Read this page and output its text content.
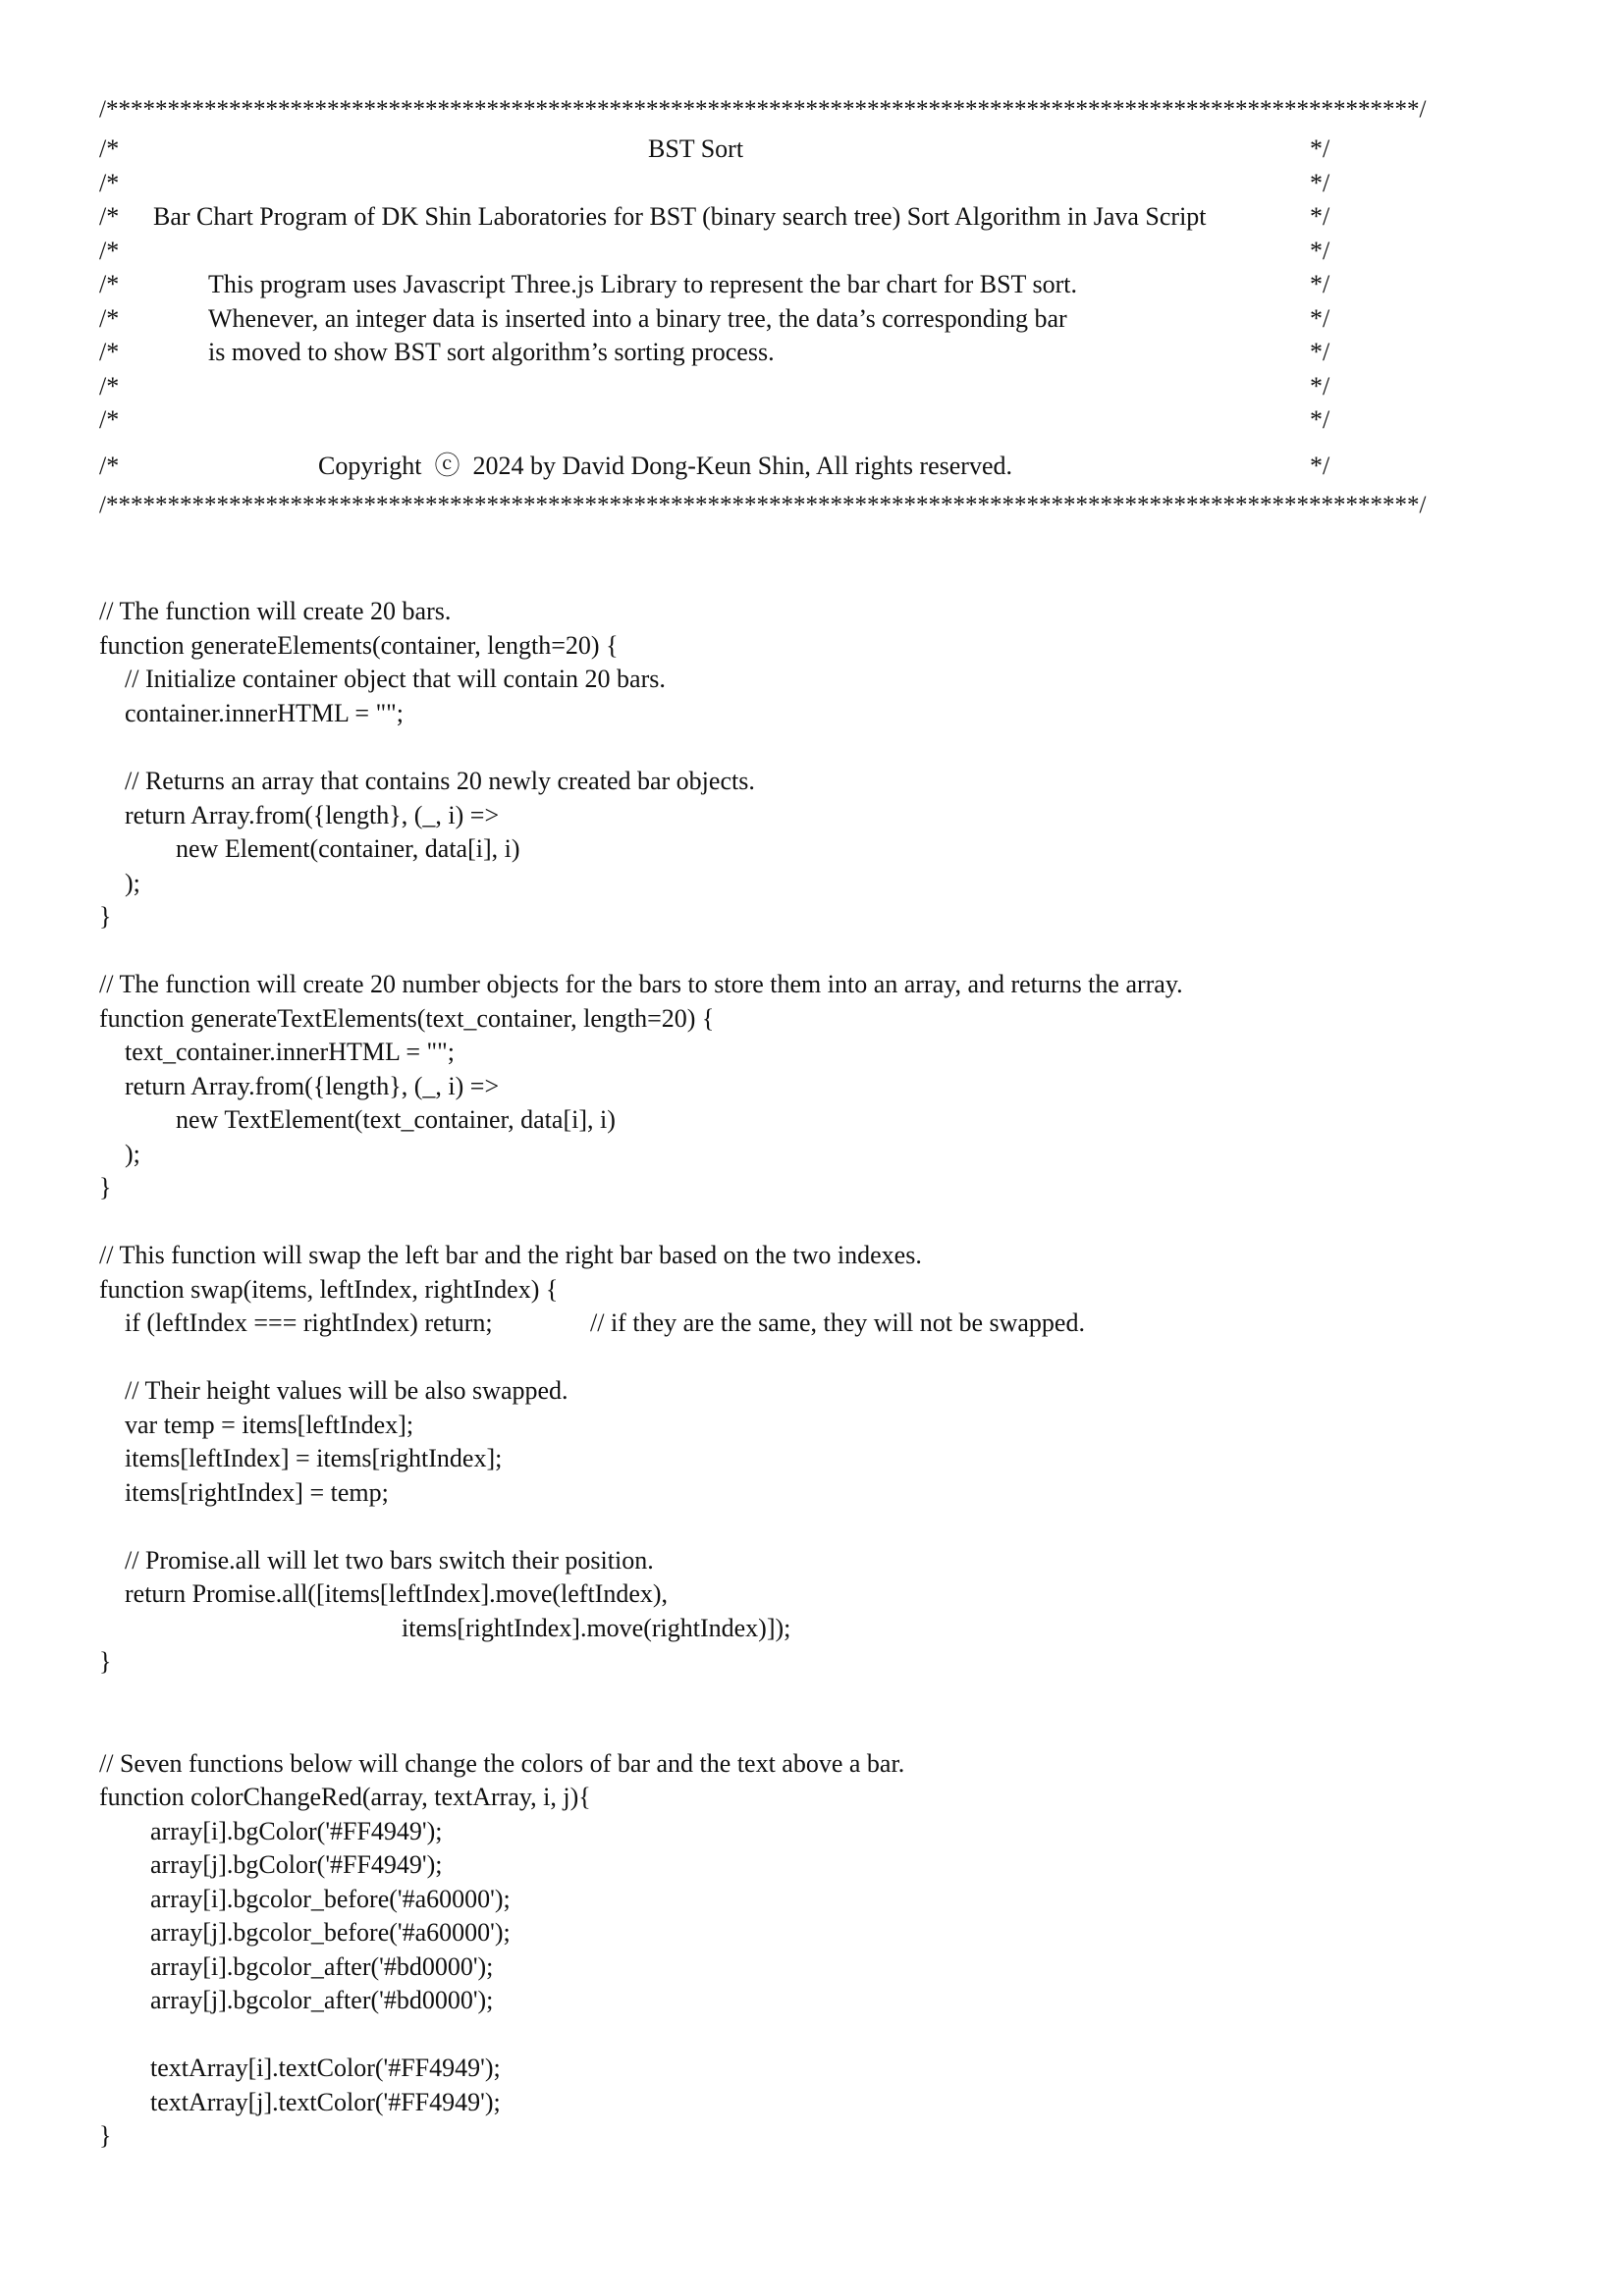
/***********************************************************************************************************/
/*	BST Sort	*/
/*	*/
/* Bar Chart Program of DK Shin Laboratories for BST (binary search tree) Sort Algorithm in Java Script	*/
/*	*/
/*	This program uses Javascript Three.js Library to represent the bar chart for BST sort.	*/
/*	Whenever, an integer data is inserted into a binary tree, the data’s corresponding bar	*/
/*	is moved to show BST sort algorithm’s sorting process.	*/
/*	*/
/*	*/
/*	Copyright  ⓒ  2024 by David Dong-Keun Shin, All rights reserved.	*/
/***********************************************************************************************************/
// The function will create 20 bars.
function generateElements(container, length=20) {
// Initialize container object that will contain 20 bars.
container.innerHTML = "";
// Returns an array that contains 20 newly created bar objects.
return Array.from({length}, (_, i) =>
new Element(container, data[i], i)
);
}
// The function will create 20 number objects for the bars to store them into an array, and returns the array.
function generateTextElements(text_container, length=20) {
text_container.innerHTML = "";
return Array.from({length}, (_, i) =>
new TextElement(text_container, data[i], i)
);
}
// This function will swap the left bar and the right bar based on the two indexes.
function swap(items, leftIndex, rightIndex) {
if (leftIndex === rightIndex) return;	// if they are the same, they will not be swapped.
// Their height values will be also swapped.
var temp = items[leftIndex];
items[leftIndex] = items[rightIndex];
items[rightIndex] = temp;
// Promise.all will let two bars switch their position.
return Promise.all([items[leftIndex].move(leftIndex),
items[rightIndex].move(rightIndex)]);
}
// Seven functions below will change the colors of bar and the text above a bar.
function colorChangeRed(array, textArray, i, j){
array[i].bgColor('#FF4949');
array[j].bgColor('#FF4949');
array[i].bgcolor_before('#a60000');
array[j].bgcolor_before('#a60000');
array[i].bgcolor_after('#bd0000');
array[j].bgcolor_after('#bd0000');
textArray[i].textColor('#FF4949');
textArray[j].textColor('#FF4949');
}
